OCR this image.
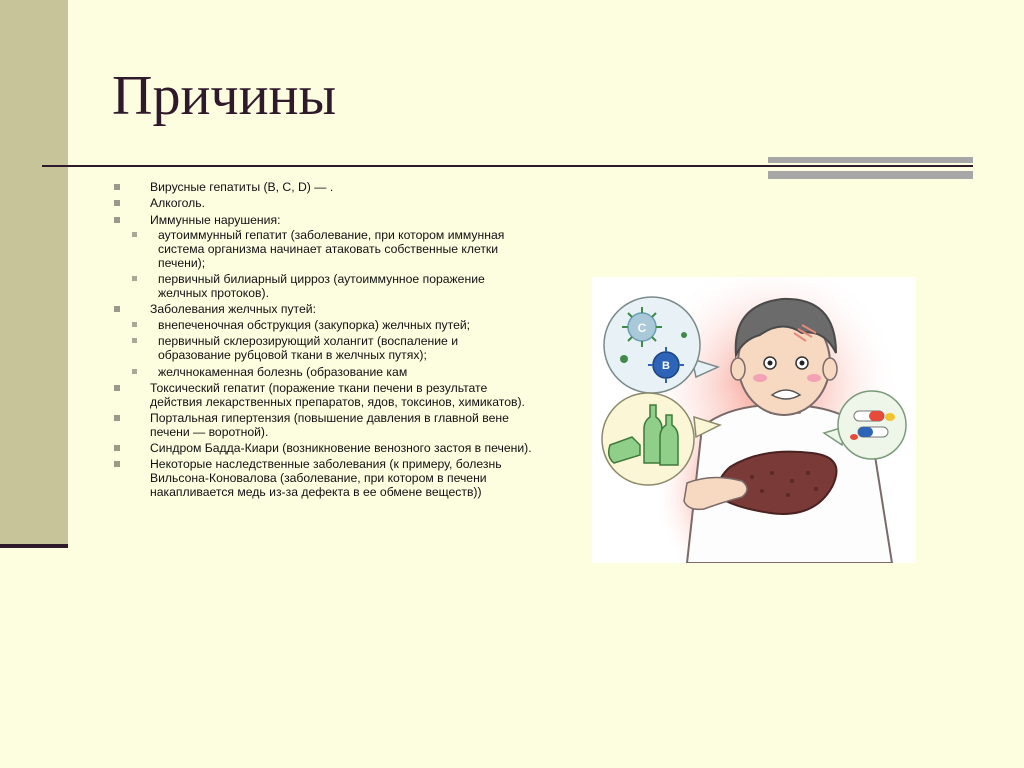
Причины
Вирусные гепатиты (B, C, D) — .
Алкоголь.
Иммунные нарушения:
аутоиммунный гепатит (заболевание, при котором иммунная система организма начинает атаковать собственные клетки печени);
первичный билиарный цирроз (аутоиммунное поражение желчных протоков).
Заболевания желчных путей:
внепеченочная обструкция (закупорка) желчных путей;
первичный склерозирующий холангит (воспаление и образование рубцовой ткани в желчных путях);
желчнокаменная болезнь (образование кам
Токсический гепатит (поражение ткани печени в результате действия лекарственных препаратов, ядов, токсинов, химикатов).
Портальная гипертензия (повышение давления в главной вене печени — воротной).
Синдром Бадда-Киари (возникновение венозного застоя в печени).
Некоторые наследственные заболевания (к примеру, болезнь Вильсона-Коновалова (заболевание, при котором в печени накапливается медь из-за дефекта в ее обмене веществ))
C
B
